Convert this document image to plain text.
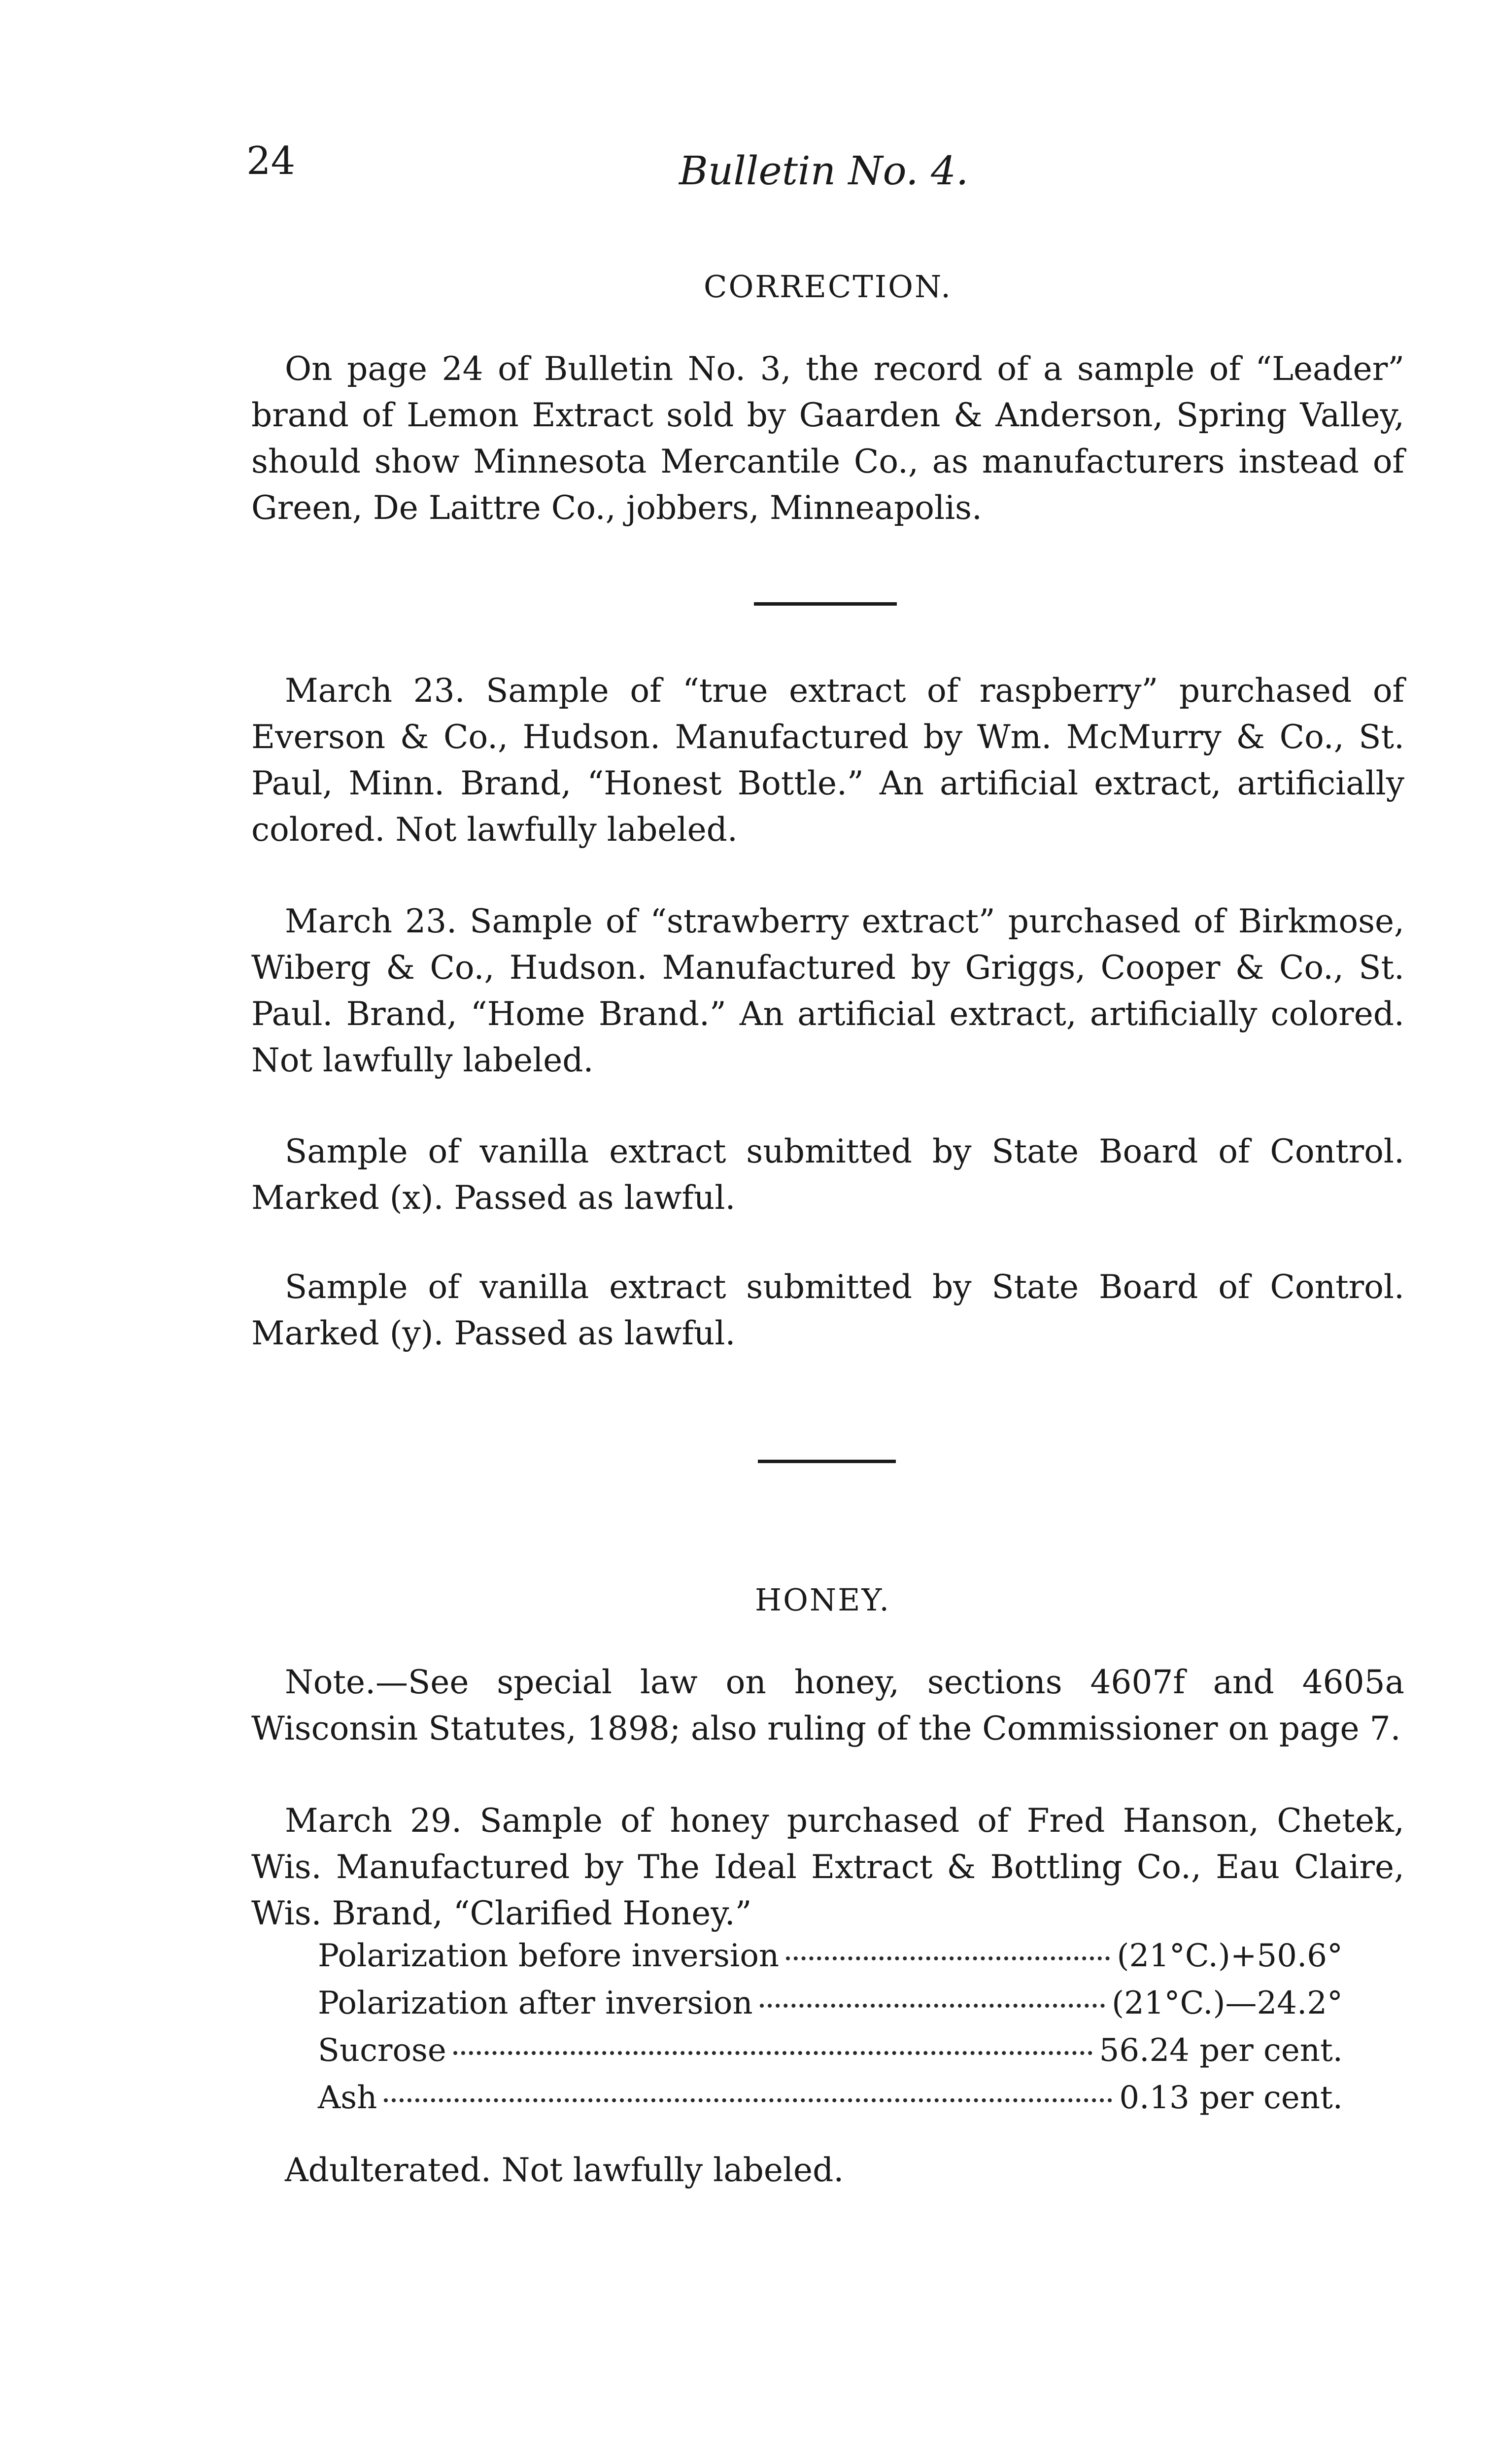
24	Bulletin No. 4.
CORRECTION.
On page 24 of Bulletin No. 3, the record of a sample of “Leader” brand of Lemon Extract sold by Gaarden & Anderson, Spring Valley, should show Minnesota Mercantile Co., as manufacturers instead of Green, De Laittre Co., jobbers, Minneapolis.
March 23. Sample of “true extract of raspberry” purchased of Everson & Co., Hudson. Manufactured by Wm. McMurry & Co., St. Paul, Minn. Brand, “Honest Bottle.” An artificial extract, artificially colored. Not lawfully labeled.
March 23. Sample of “strawberry extract” purchased of Birkmose, Wiberg & Co., Hudson. Manufactured by Griggs, Cooper & Co., St. Paul. Brand, “Home Brand.” An artificial extract, artificially colored. Not lawfully labeled.
Sample of vanilla extract submitted by State Board of Control. Marked (x). Passed as lawful.
Sample of vanilla extract submitted by State Board of Control. Marked (y). Passed as lawful.
HONEY.
Note.—See special law on honey, sections 4607f and 4605a Wisconsin Statutes, 1898; also ruling of the Commissioner on page 7.
March 29. Sample of honey purchased of Fred Hanson, Chetek, Wis. Manufactured by The Ideal Extract & Bottling Co., Eau Claire, Wis. Brand, “Clarified Honey.”
Polarization before inversion	(21°C.)+50.6°
Polarization after inversion	(21°C.)—24.2°
Sucrose	56.24 per cent.
Ash	0.13 per cent.
Adulterated. Not lawfully labeled.
